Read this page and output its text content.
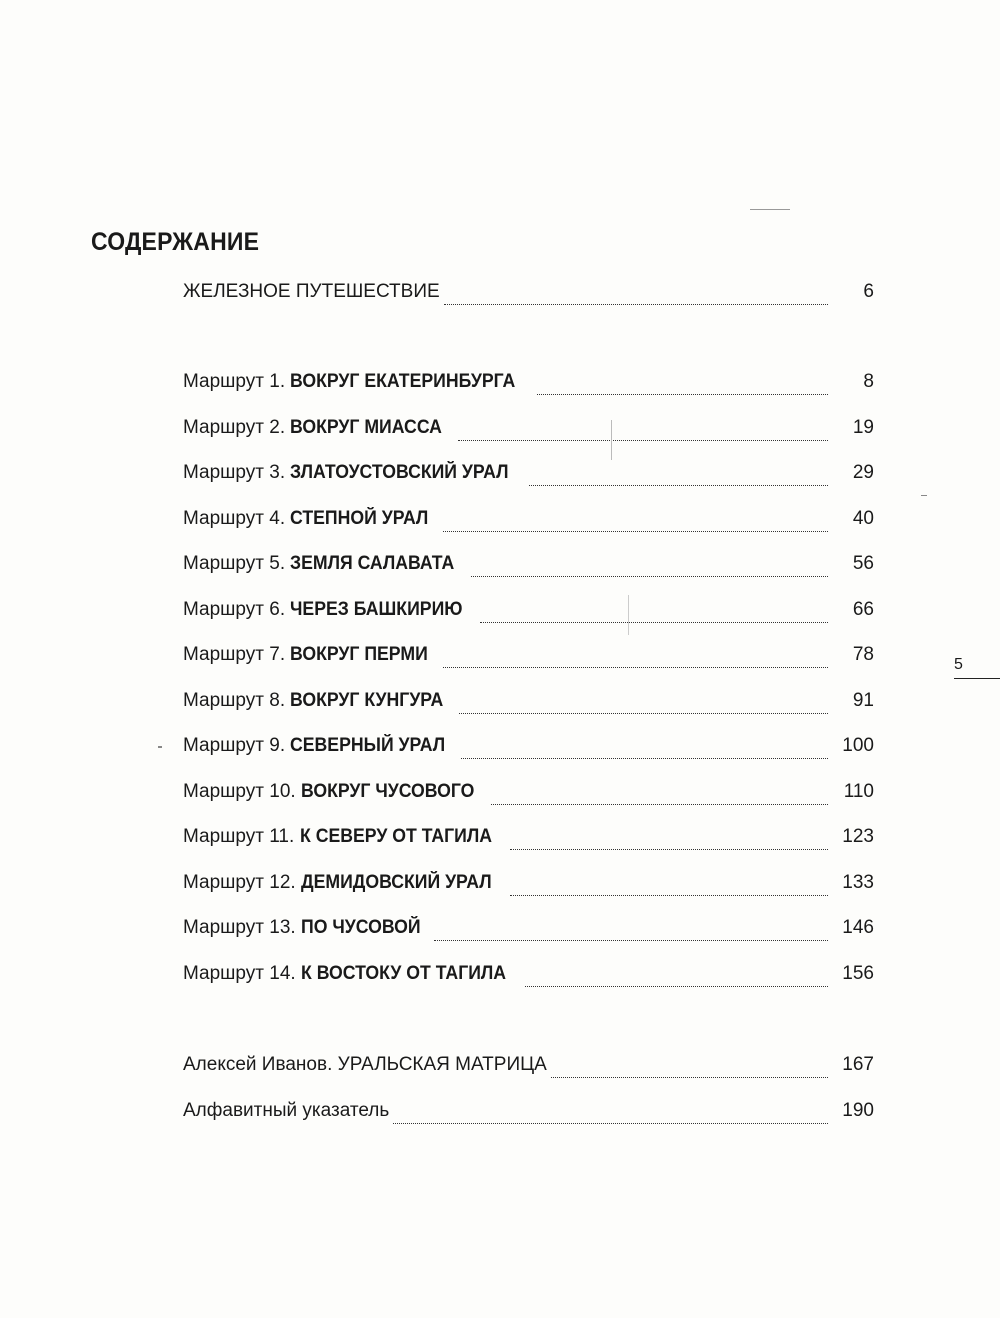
СОДЕРЖАНИЕ
ЖЕЛЕЗНОЕ ПУТЕШЕСТВИЕ	6
Маршрут 1. ВОКРУГ ЕКАТЕРИНБУРГА	8
Маршрут 2. ВОКРУГ МИАССА	19
Маршрут 3. ЗЛАТОУСТОВСКИЙ УРАЛ	29
Маршрут 4. СТЕПНОЙ УРАЛ	40
Маршрут 5. ЗЕМЛЯ САЛАВАТА	56
Маршрут 6. ЧЕРЕЗ БАШКИРИЮ	66
Маршрут 7. ВОКРУГ ПЕРМИ	78
Маршрут 8. ВОКРУГ КУНГУРА	91
Маршрут 9. СЕВЕРНЫЙ УРАЛ	100
Маршрут 10. ВОКРУГ ЧУСОВОГО	110
Маршрут 11. К СЕВЕРУ ОТ ТАГИЛА	123
Маршрут 12. ДЕМИДОВСКИЙ УРАЛ	133
Маршрут 13. ПО ЧУСОВОЙ	146
Маршрут 14. К ВОСТОКУ ОТ ТАГИЛА	156
Алексей Иванов. УРАЛЬСКАЯ МАТРИЦА	167
Алфавитный указатель	190
5
